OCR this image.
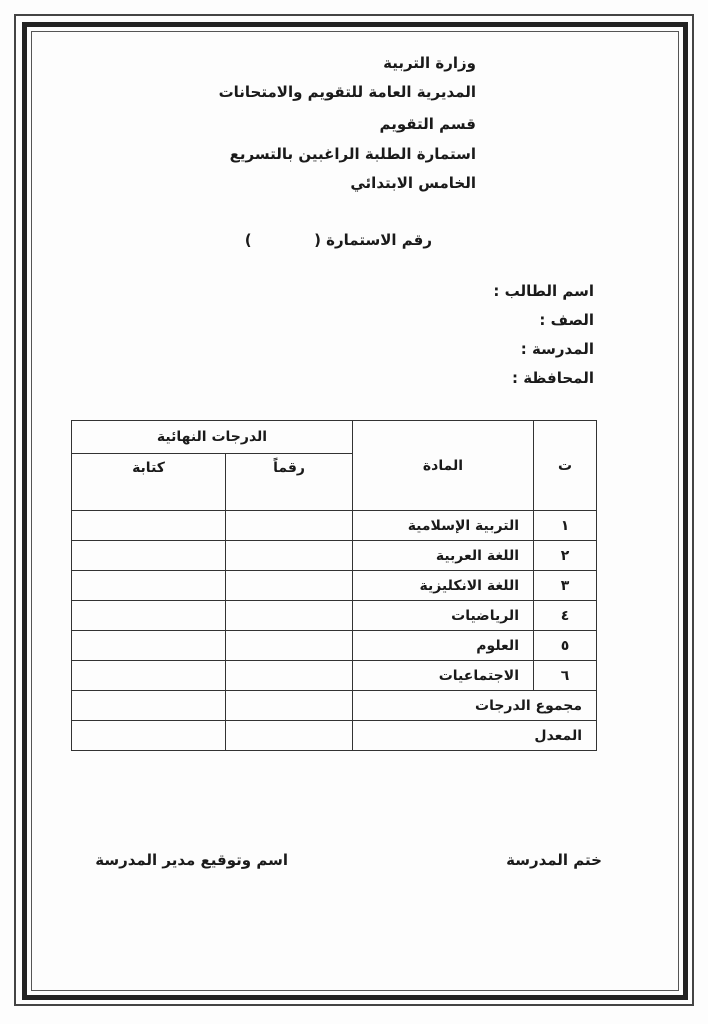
وزارة التربية
المديرية العامة للتقويم والامتحانات
قسم التقويم
استمارة الطلبة الراغبين بالتسريع
الخامس الابتدائي
رقم الاستمارة (  )
اسم الطالب :
الصف :
المدرسة :
المحافظة :
الدرجات النهائية		المادة	ت
كتابة	رقماً		
		التربية الإسلامية	١
		اللغة العربية	٢
		اللغة الانكليزية	٣
		الرياضيات	٤
		العلوم	٥
		الاجتماعيات	٦
		مجموع الدرجات	
		المعدل	
ختم المدرسة
اسم وتوقيع مدير المدرسة
